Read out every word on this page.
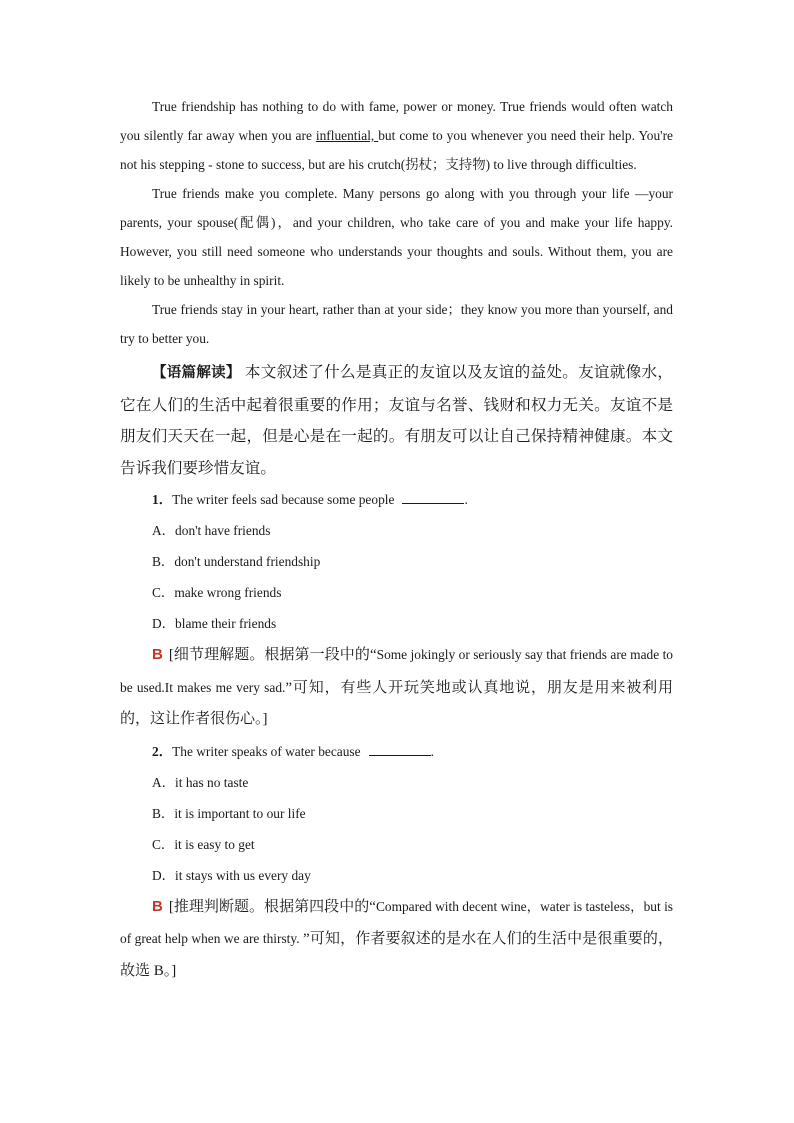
True friendship has nothing to do with fame, power or money. True friends would often watch you silently far away when you are influential, but come to you whenever you need their help. You're not his stepping - stone to success, but are his crutch(拐杖；支持物) to live through difficulties.

True friends make you complete. Many persons go along with you through your life —your parents, your spouse(配偶)，and your children, who take care of you and make your life happy. However, you still need someone who understands your thoughts and souls. Without them, you are likely to be unhealthy in spirit.

True friends stay in your heart, rather than at your side；they know you more than yourself, and try to better you.

【语篇解读】 本文叙述了什么是真正的友谊以及友谊的益处。友谊就像水，它在人们的生活中起着很重要的作用；友谊与名誉、钱财和权力无关。友谊不是朋友们天天在一起，但是心是在一起的。有朋友可以让自己保持精神健康。本文告诉我们要珍惜友谊。

1．The writer feels sad because some people	.

A．don't have friends

B．don't understand friendship

C．make wrong friends

D．blame their friends

B [细节理解题。根据第一段中的“Some jokingly or seriously say that friends are made to be used.It makes me very sad.”可知，有些人开玩笑地或认真地说，朋友是用来被利用的，这让作者很伤心。]

2．The writer speaks of water because	.

A．it has no taste

B．it is important to our life

C．it is easy to get

D．it stays with us every day

B [推理判断题。根据第四段中的“Compared with decent wine，water is tasteless，but is of great help when we are thirsty. ”可知，作者要叙述的是水在人们的生活中是很重要的，故选 B。]
